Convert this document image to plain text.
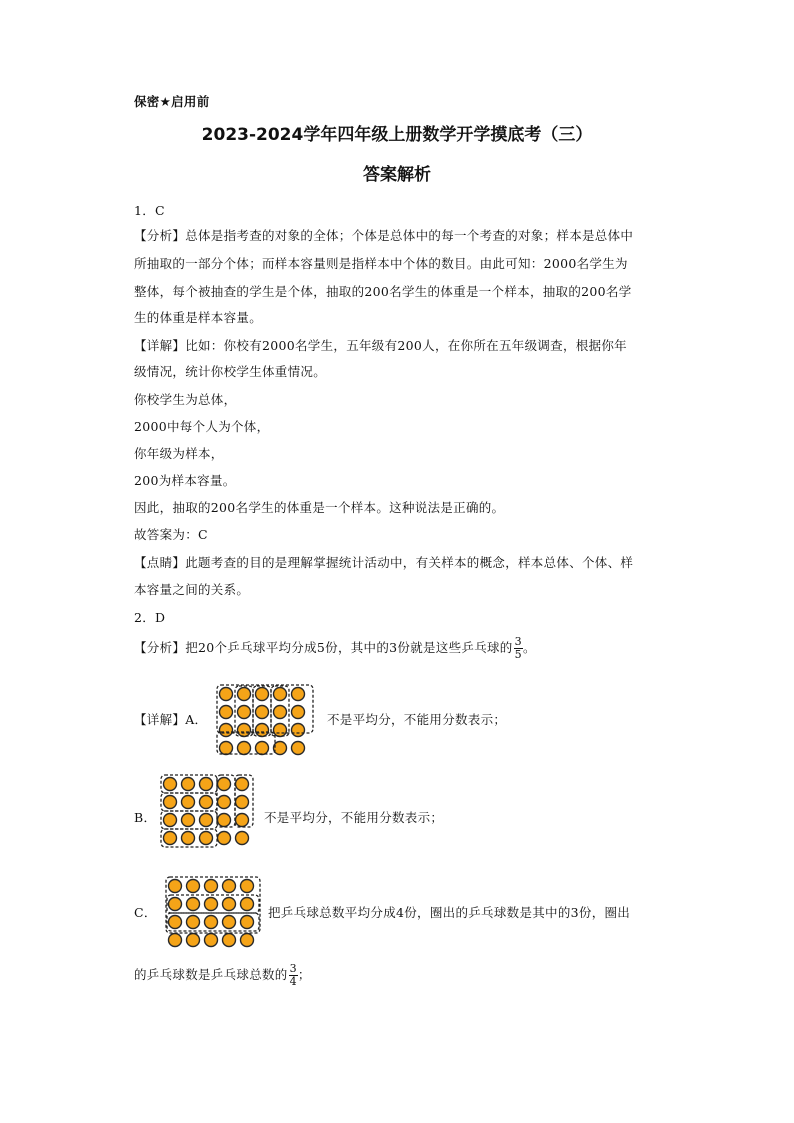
保密★启用前
2023-2024学年四年级上册数学开学摸底考（三）
答案解析
1．C
【分析】总体是指考查的对象的全体；个体是总体中的每一个考查的对象；样本是总体中
所抽取的一部分个体；而样本容量则是指样本中个体的数目。由此可知：2000名学生为
整体，每个被抽查的学生是个体，抽取的200名学生的体重是一个样本，抽取的200名学
生的体重是样本容量。
【详解】比如：你校有2000名学生，五年级有200人，在你所在五年级调查，根据你年
级情况，统计你校学生体重情况。
你校学生为总体，
2000中每个人为个体，
你年级为样本，
200为样本容量。
因此，抽取的200名学生的体重是一个样本。这种说法是正确的。
故答案为：C
【点睛】此题考查的目的是理解掌握统计活动中，有关样本的概念，样本总体、个体、样
本容量之间的关系。
2．D
【分析】把20个乒乓球平均分成5份，其中的3份就是这些乒乓球的 $\frac{3}{5}$ 。
【详解】A．	不是平均分，不能用分数表示；
B．	不是平均分，不能用分数表示；
C．	把乒乓球总数平均分成4份，圈出的乒乓球数是其中的3份，圈出
的乒乓球数是乒乓球总数的 $\frac{3}{4}$ ；
